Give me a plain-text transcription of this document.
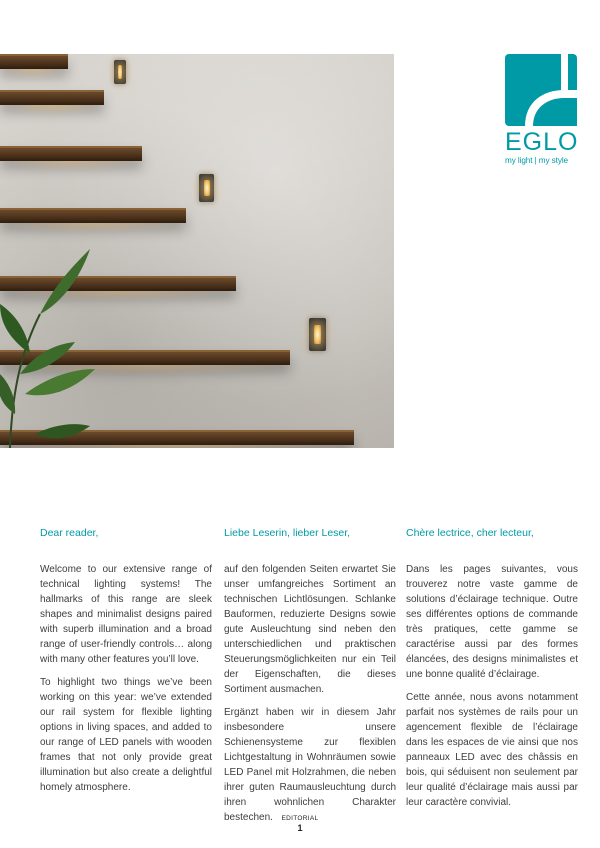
EGLO
my light | my style
Dear reader,

Welcome to our extensive range of technical lighting systems! The hallmarks of this range are sleek shapes and minimalist designs paired with superb illumination and a broad range of user-friendly controls… along with many other features you’ll love.

To highlight two things we’ve been working on this year: we’ve extended our rail system for flexible lighting options in living spaces, and added to our range of LED panels with wooden frames that not only provide great illumination but also create a delightful homely atmosphere.

Liebe Leserin, lieber Leser,

auf den folgenden Seiten erwartet Sie unser umfangreiches Sortiment an technischen Lichtlösungen. Schlanke Bauformen, reduzierte Designs sowie gute Ausleuchtung sind neben den unterschiedlichen und praktischen Steuerungsmöglichkeiten nur ein Teil der Eigenschaften, die dieses Sortiment ausmachen.

Ergänzt haben wir in diesem Jahr insbesondere unsere Schienensysteme zur flexiblen Lichtgestaltung in Wohnräumen sowie LED Panel mit Holzrahmen, die neben ihrer guten Raumausleuchtung durch ihren wohnlichen Charakter bestechen.

Chère lectrice, cher lecteur,

Dans les pages suivantes, vous trouverez notre vaste gamme de solutions d’éclairage technique. Outre ses différentes options de commande très pratiques, cette gamme se caractérise aussi par des formes élancées, des designs minimalistes et une bonne qualité d’éclairage.

Cette année, nous avons notamment parfait nos systèmes de rails pour un agencement flexible de l’éclairage dans les espaces de vie ainsi que nos panneaux LED avec des châssis en bois, qui séduisent non seulement par leur qualité d’éclairage mais aussi par leur caractère convivial.

EDITORIAL
1
